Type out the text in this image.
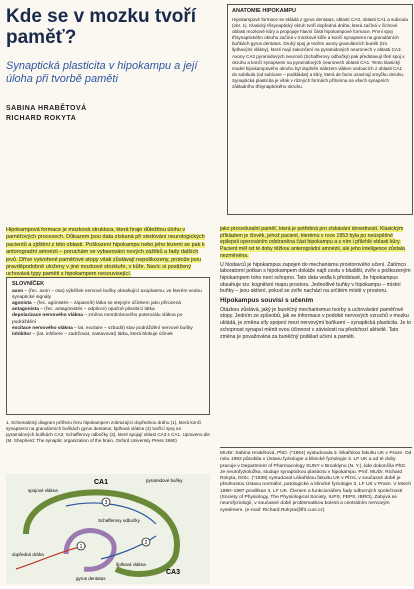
Kde se v mozku tvoří paměť?
Synaptická plasticita v hipokampu a její úloha při tvorbě paměti
SABINA HRABĚTOVÁ
RICHARD ROKYTA
ANATOMIE HIPOKAMPU
Hipokampové formace se skládá z gyrus dentatus, oblastí CA3, oblasti CA1 a subicula (obr. 1). Klasický třísynaptický okruh tvoří dopředná dráha, která začíná v čichové oblasti mozkové kůry a propojuje hlavní části hipokampové formace. První spoj třísynaptického okruhu začíná v mozkové kůře a končí synapsemi na granulárních buňkách gyrus dentatus. Druhý spoj je tvořen axony granulárních buněk (tzv. šplhavými vlákny), které mají zakončení na pyramidových neuronech v oblasti CA3. Axony CA3 pyramidových neuronů (Schafferovy odbočky) pak představují třetí spoj v okruhu a končí synapsemi na pyramidových neuronech oblasti CA1. Tento klasický model hipokampového okruhu byl doplněn nálezem vláken vedoucích z oblasti CA1 do subikula (od subicare – podkládat) a kůry, která de facto uzavírají smyčku okruhu. Synaptická plasticita je však v různých formách přítomna na všech synapsích základního třísynaptického okruhu.
Hipokampová formace je mozková struktura, která hraje důležitou úlohu v paměťových procesech. Důkazem jsou data získaná při sledování neurologických pacientů a zjištění z této oblasti. Poškození hipokampu nebo jeho lézemi se pak k antorogradní amnézii – poruchám ve vybavování nových zážitků a řady dalších jevů. Dříve vytvořené paměťové stopy však zůstávají nepoškozeny, protože jsou pravděpodobně uloženy v jiné mozkové struktuře, v kůře. Navíc si postižený uchovává typy paměti s hipokampem nesouvisející.
SLOVNÍČEK

axon – (řec. axon – osa) výběžek nervové buňky obsahující axoplasmu, ve kterém vedou synaptické signály

agonista – (řec. agónistés – zápasník) látka se stejným účinkem jako přirozená

antagonista – (řec. antagónistés – odpůrce) opačně působící látka

depolarizace nervového vlákna – změna membránového potenciálu vlákna po podráždění

excitace nervového vlákna – lat. excitare – vzbudit) stav podráždění nervové buňky

inhibitor – (lat. inhibere – zadržovat, zastavovat) látka, která blokuje účinek

1. Schematický diagram průřezu řezu hipokampem zobrazující dopřednou dráhu (1), která končí synapsemi na granulárních buňkách gyrus dentatus; šplhavá vlákna (2) tvořící spoj na pyramidových buňkách CA3; Schafferovy odbočky (3), které spojují oblast CA3 s CA1. Upraveno dle (M. Shepherd: The synaptic organization of the brain, Oxford University Press 1990)
1
2
3
CA1
CA3
pyramidové buňky
spojové vlákna
Schafferovy odbočky
dopředná dráha
gyrus dentatus
šplhavá vlákna

jako proceduralní paměť, která je potřebná pro získávání dovedností. Klasickým příkladem je člověk, jehož pacient, kterému v roce 1953 byla po neúspěšné epilepsii operováním odstraněna část hipokampu a s ním i přilehlé oblasti kůry. Pacient měl od té doby těžkou anterográdní amnézii, ale jeho inteligence zůstala nezměněna.

U hlodavců je hipokampus zapojen do mechanismu prostorového učení. Zatímco laboratorní potkan s hipokampem dokáže najít cestu v bludišti, zvíře s poškozeným hipokampem toho není schopno. Tato data vedla k představě, že hipokampus obsahuje tzv. kognitivní mapu prostoru. Jednotlivé buňky v hipokampu – místní buňky – jsou aktivní, pokud se zvíře nachází na určitém místě v prostoru.

Hipokampus souvisí s učením

Otázkou zůstává, jaký je buněčný mechanismus tvorby a uchovávání paměťové stopy. Jedním ze způsobů, jak se informace v podobě nervových vzruchů v mozku ukládá, je změna síly spojení mezi nervovými buňkami – synaptická plasticita. Je to schopnost synapsí měnit svou účinnost v závislosti na předchozí aktivitě. Tato změna je považována za buněčný podklad učení a paměti.

MUDr. Sabina Hrabětová, PhD. (*1964) vystudovala 3. lékařskou fakultu UK v Praze. Od roku 1992 působila v Ústavu fyziologie a klinické fyziologie 3. LF UK a od té doby pracuje v Department of Pharmacology SUNY v Brooklynu (N. Y.), kde dokončila PhD. Je neurofyzioložka, studuje synaptickou plasticitu v hipokampu. Prof. MUDr. Richard Rokyta, DrSc. (*1938) vystudoval Lékařskou fakultu UK v Plzni, v současné době je přednostou Ústavu normální, patologické a klinické fyziologie 3. LF UK v Praze. V letech 1990–1997 proděkan 3. LF UK. Členem a funkcionářem řady odborných společností (Society of Physiology, The Physiological Society, IUPS, FEPS, IBRO). Zabývá se neurofyziologií, v současné době problematikou bolesti a centrálním nervovým systémem. (e-mail: Richard.Rokyta@lf3.cuni.cz)
